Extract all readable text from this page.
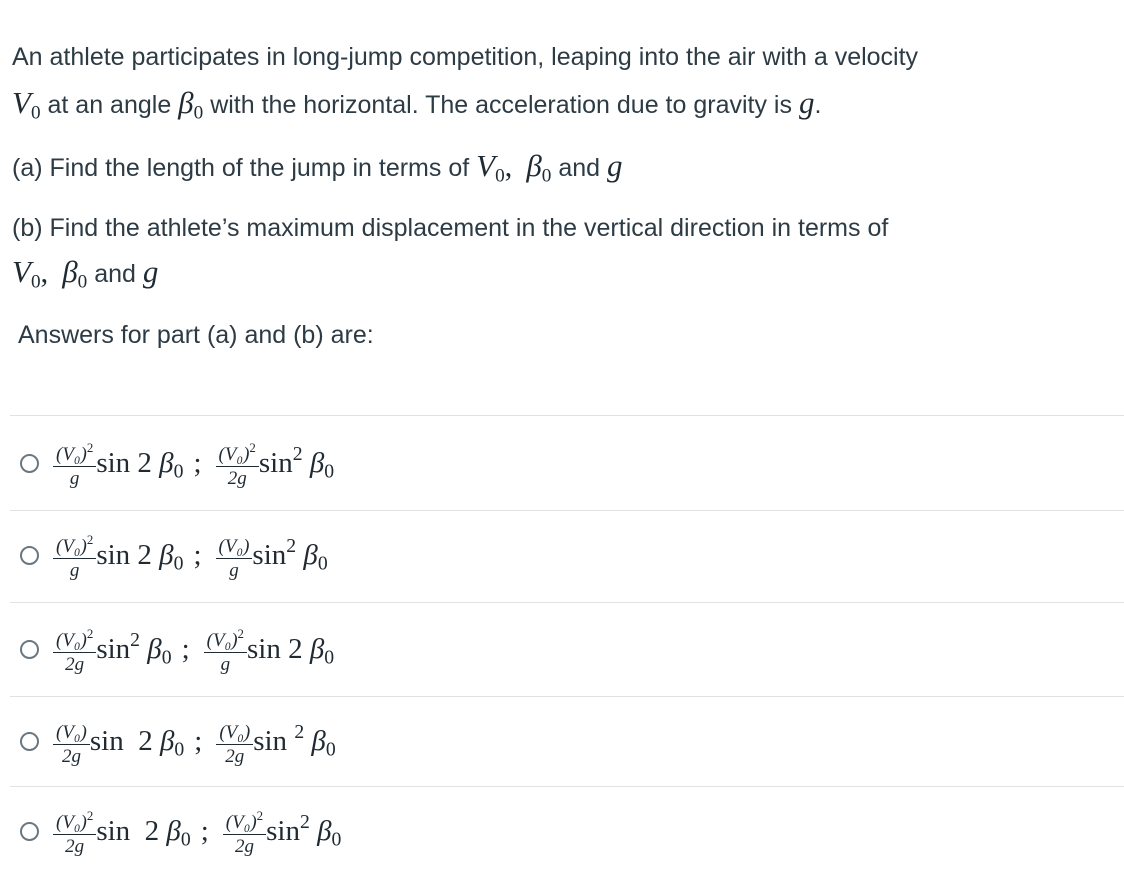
An athlete participates in long-jump competition, leaping into the air with a velocity
$V_0$ at an angle $\beta_0$ with the horizontal. The acceleration due to gravity is g.
(a) Find the length of the jump in terms of $V_0$, $\beta_0$ and g
(b) Find the athlete’s maximum displacement in the vertical direction in terms of
$V_0$, $\beta_0$ and g
Answers for part (a) and (b) are:
$\frac{(V_0)^2}{g}$ sin 2 β0 ; $\frac{(V_0)^2}{2g} \sin^2 \beta 0$
$\frac{(V_0)^2}{g}$ sin 2 β0 ; $\frac{\text{(V₀)}}{g} \sin^2 \beta 0$
$\frac{(V_0)^2}{2g} \sin^2 \beta 0$ ; $\frac{(V_0)^2}{g}$ sin 2 β0
$\frac{\text{(V₀)}}{2g}$ sin  2 β0 ; $\frac{\text{(V₀)}}{2g}$ sin $^2$ β0
$\frac{(V_0)^2}{2g}$ sin  2 β0 ; $\frac{(V_0)^2}{2g} \sin^2 \beta 0$
